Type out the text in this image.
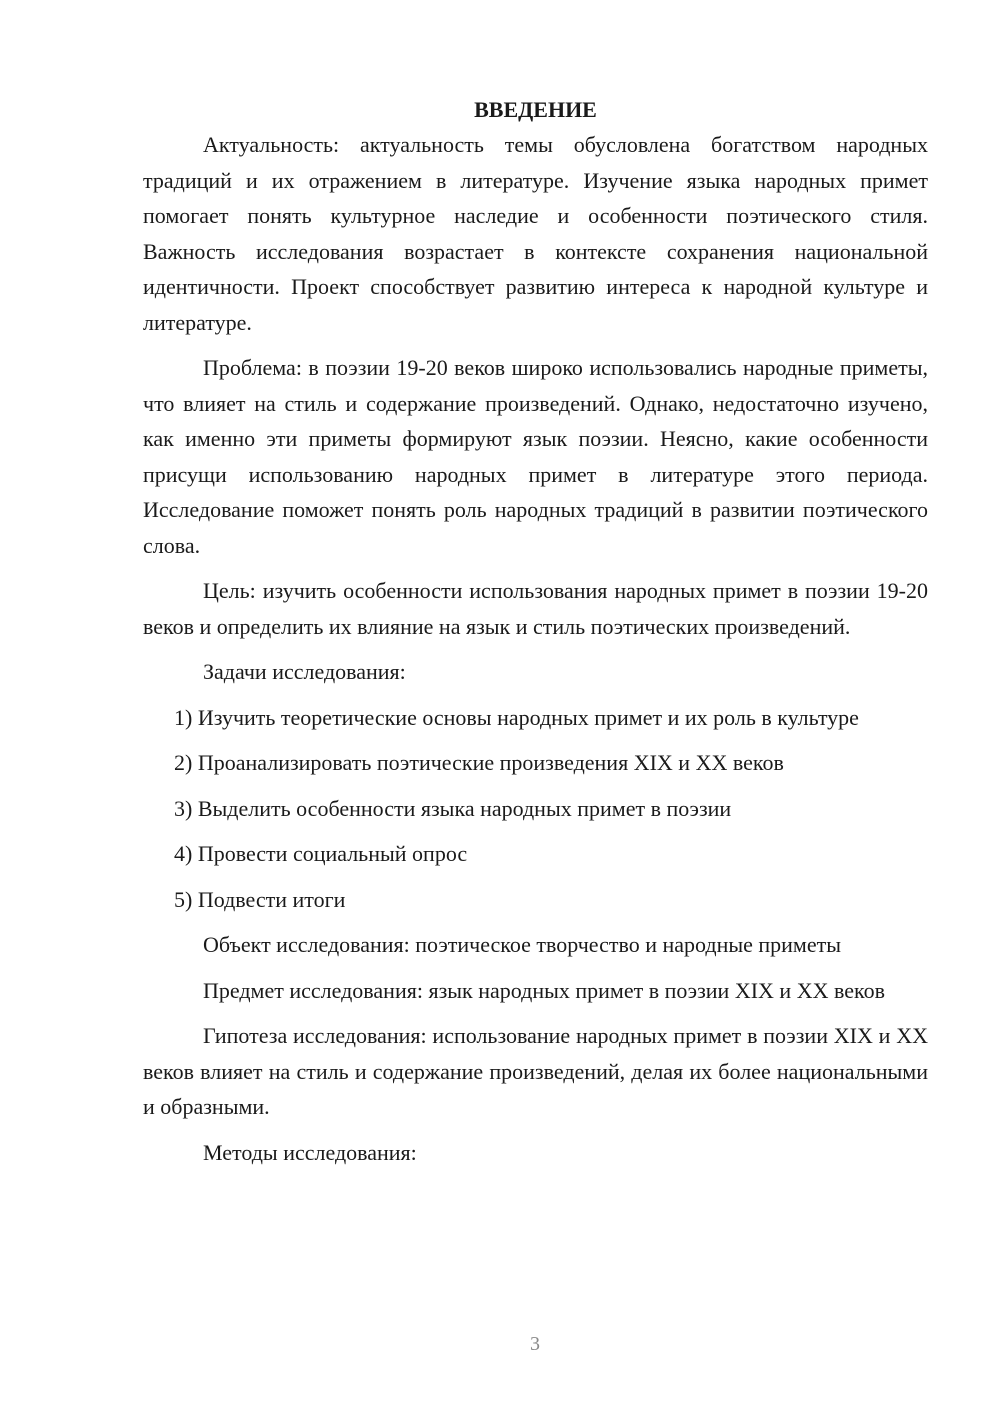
ВВЕДЕНИЕ

Актуальность: актуальность темы обусловлена богатством народных традиций и их отражением в литературе. Изучение языка народных примет помогает понять культурное наследие и особенности поэтического стиля. Важность исследования возрастает в контексте сохранения национальной идентичности. Проект способствует развитию интереса к народной культуре и литературе.

Проблема: в поэзии 19-20 веков широко использовались народные приметы, что влияет на стиль и содержание произведений. Однако, недостаточно изучено, как именно эти приметы формируют язык поэзии. Неясно, какие особенности присущи использованию народных примет в литературе этого периода. Исследование поможет понять роль народных традиций в развитии поэтического слова.

Цель: изучить особенности использования народных примет в поэзии 19-20 веков и определить их влияние на язык и стиль поэтических произведений.

Задачи исследования:

1) Изучить теоретические основы народных примет и их роль в культуре

2) Проанализировать поэтические произведения XIX и XX веков

3) Выделить особенности языка народных примет в поэзии

4) Провести социальный опрос

5) Подвести итоги

Объект исследования: поэтическое творчество и народные приметы

Предмет исследования: язык народных примет в поэзии XIX и XX веков

Гипотеза исследования: использование народных примет в поэзии XIX и XX веков влияет на стиль и содержание произведений, делая их более национальными и образными.

Методы исследования:

3
